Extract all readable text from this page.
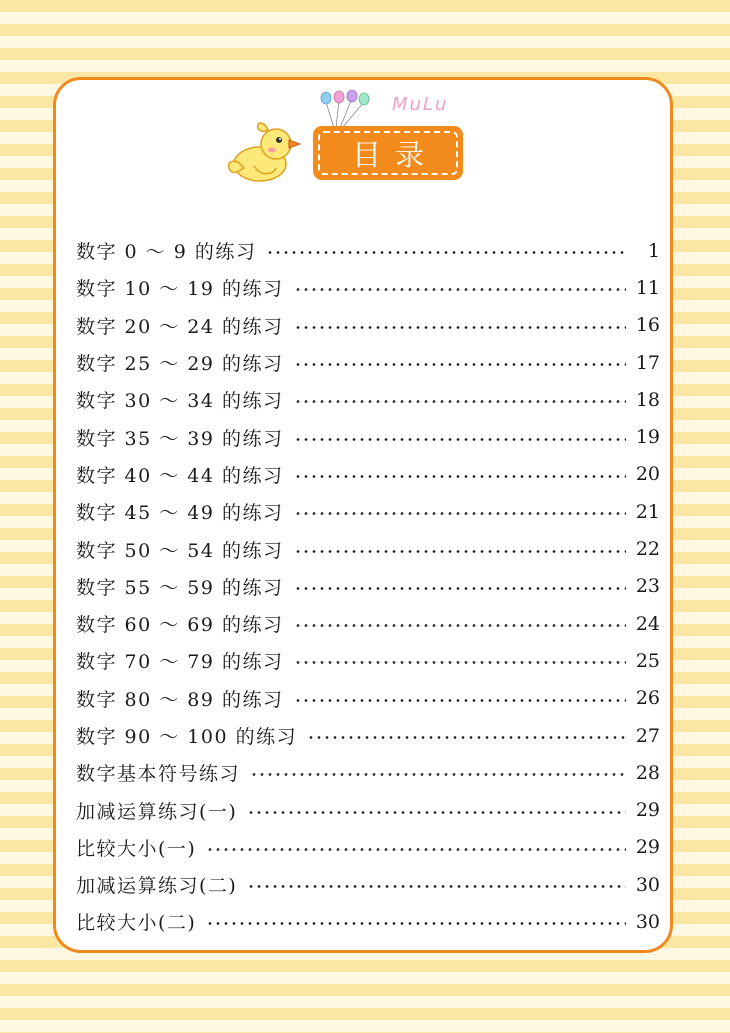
MuLu
目录
数字 0 ～ 9 的练习	1
数字 10 ～ 19 的练习	11
数字 20 ～ 24 的练习	16
数字 25 ～ 29 的练习	17
数字 30 ～ 34 的练习	18
数字 35 ～ 39 的练习	19
数字 40 ～ 44 的练习	20
数字 45 ～ 49 的练习	21
数字 50 ～ 54 的练习	22
数字 55 ～ 59 的练习	23
数字 60 ～ 69 的练习	24
数字 70 ～ 79 的练习	25
数字 80 ～ 89 的练习	26
数字 90 ～ 100 的练习	27
数字基本符号练习	28
加减运算练习(一)	29
比较大小(一)	29
加减运算练习(二)	30
比较大小(二)	30
